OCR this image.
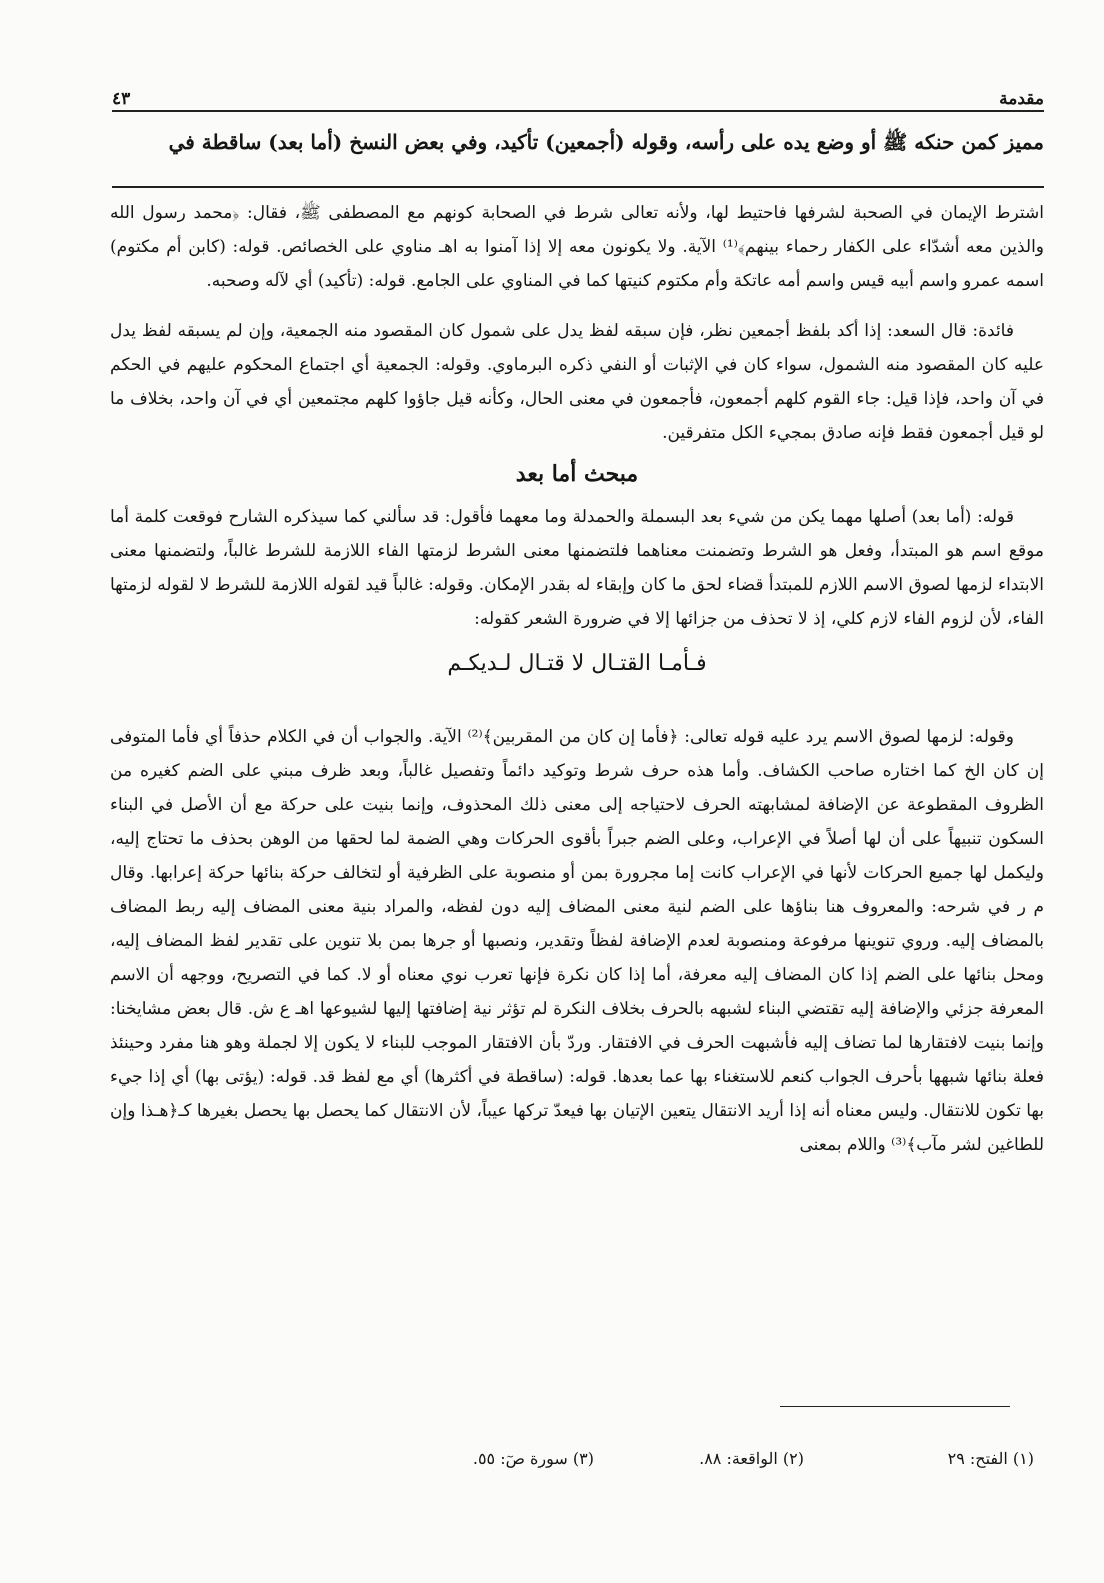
مقدمة
٤٣
مميز كمن حنكه ﷺ أو وضع يده على رأسه، وقوله (أجمعين) تأكيد، وفي بعض النسخ (أما بعد) ساقطة في

اشترط الإيمان في الصحبة لشرفها فاحتيط لها، ولأنه تعالى شرط في الصحابة كونهم مع المصطفى ﷺ، فقال: ﴿محمد رسول الله والذين معه أشدّاء على الكفار رحماء بينهم﴾⁽¹⁾ الآية. ولا يكونون معه إلا إذا آمنوا به اهـ مناوي على الخصائص. قوله: (كابن أم مكتوم) اسمه عمرو واسم أبيه قيس واسم أمه عاتكة وأم مكتوم كنيتها كما في المناوي على الجامع. قوله: (تأكيد) أي لآله وصحبه.

فائدة: قال السعد: إذا أكد بلفظ أجمعين نظر، فإن سبقه لفظ يدل على شمول كان المقصود منه الجمعية، وإن لم يسبقه لفظ يدل عليه كان المقصود منه الشمول، سواء كان في الإثبات أو النفي ذكره البرماوي. وقوله: الجمعية أي اجتماع المحكوم عليهم في الحكم في آن واحد، فإذا قيل: جاء القوم كلهم أجمعون، فأجمعون في معنى الحال، وكأنه قيل جاؤوا كلهم مجتمعين أي في آن واحد، بخلاف ما لو قيل أجمعون فقط فإنه صادق بمجيء الكل متفرقين.

مبحث أما بعد

قوله: (أما بعد) أصلها مهما يكن من شيء بعد البسملة والحمدلة وما معهما فأقول: قد سألني كما سيذكره الشارح فوقعت كلمة أما موقع اسم هو المبتدأ، وفعل هو الشرط وتضمنت معناهما فلتضمنها معنى الشرط لزمتها الفاء اللازمة للشرط غالباً، ولتضمنها معنى الابتداء لزمها لصوق الاسم اللازم للمبتدأ قضاء لحق ما كان وإبقاء له بقدر الإمكان. وقوله: غالباً قيد لقوله اللازمة للشرط لا لقوله لزمتها الفاء، لأن لزوم الفاء لازم كلي، إذ لا تحذف من جزائها إلا في ضرورة الشعر كقوله:

فـأمـا القتـال لا قتـال لـديكـم

وقوله: لزمها لصوق الاسم يرد عليه قوله تعالى: ﴿فأما إن كان من المقربين﴾⁽²⁾ الآية. والجواب أن في الكلام حذفاً أي فأما المتوفى إن كان الخ كما اختاره صاحب الكشاف. وأما هذه حرف شرط وتوكيد دائماً وتفصيل غالباً، وبعد ظرف مبني على الضم كغيره من الظروف المقطوعة عن الإضافة لمشابهته الحرف لاحتياجه إلى معنى ذلك المحذوف، وإنما بنيت على حركة مع أن الأصل في البناء السكون تنبيهاً على أن لها أصلاً في الإعراب، وعلى الضم جبراً بأقوى الحركات وهي الضمة لما لحقها من الوهن بحذف ما تحتاج إليه، وليكمل لها جميع الحركات لأنها في الإعراب كانت إما مجرورة بمن أو منصوبة على الظرفية أو لتخالف حركة بنائها حركة إعرابها. وقال م ر في شرحه: والمعروف هنا بناؤها على الضم لنية معنى المضاف إليه دون لفظه، والمراد بنية معنى المضاف إليه ربط المضاف بالمضاف إليه. وروي تنوينها مرفوعة ومنصوبة لعدم الإضافة لفظاً وتقدير، ونصبها أو جرها بمن بلا تنوين على تقدير لفظ المضاف إليه، ومحل بنائها على الضم إذا كان المضاف إليه معرفة، أما إذا كان نكرة فإنها تعرب نوي معناه أو لا. كما في التصريح، ووجهه أن الاسم المعرفة جزئي والإضافة إليه تقتضي البناء لشبهه بالحرف بخلاف النكرة لم تؤثر نية إضافتها إليها لشيوعها اهـ ع ش. قال بعض مشايخنا: وإنما بنيت لافتقارها لما تضاف إليه فأشبهت الحرف في الافتقار. وردّ بأن الافتقار الموجب للبناء لا يكون إلا لجملة وهو هنا مفرد وحينئذ فعلة بنائها شبهها بأحرف الجواب كنعم للاستغناء بها عما بعدها. قوله: (ساقطة في أكثرها) أي مع لفظ قد. قوله: (يؤتى بها) أي إذا جيء بها تكون للانتقال. وليس معناه أنه إذا أريد الانتقال يتعين الإتيان بها فيعدّ تركها عيباً، لأن الانتقال كما يحصل بها يحصل بغيرها كـ﴿هـذا وإن للطاغين لشر مآب﴾⁽³⁾ واللام بمعنى

(١) الفتح: ٢٩
(٢) الواقعة: ٨٨.
(٣) سورة صٓ: ٥٥.
